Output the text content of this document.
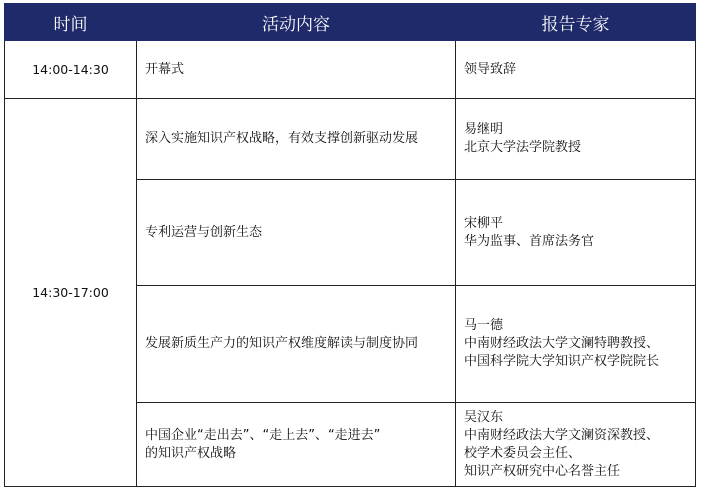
时间	活动内容	报告专家
14:00-14:30	开幕式	领导致辞

14:30-17:00	深入实施知识产权战略，有效支撑创新驱动发展	易继明
北京大学法学院教授

	专利运营与创新生态	宋柳平
华为监事、首席法务官

	发展新质生产力的知识产权维度解读与制度协同	马一德
中南财经政法大学文澜特聘教授、
中国科学院大学知识产权学院院长

	中国企业“走出去”、“走上去”、“走进去”
的知识产权战略	吴汉东
中南财经政法大学文澜资深教授、
校学术委员会主任、
知识产权研究中心名誉主任
